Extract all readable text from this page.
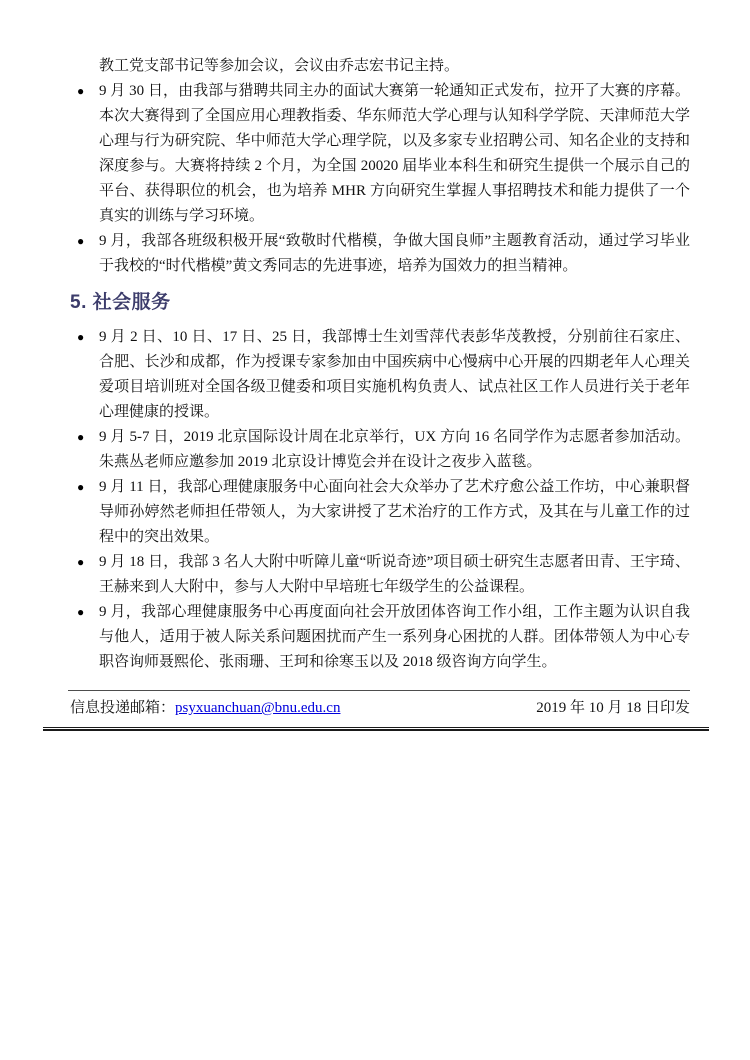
教工党支部书记等参加会议，会议由乔志宏书记主持。

● 9 月 30 日，由我部与猎聘共同主办的面试大赛第一轮通知正式发布，拉开了大赛的序幕。本次大赛得到了全国应用心理教指委、华东师范大学心理与认知科学学院、天津师范大学心理与行为研究院、华中师范大学心理学院，以及多家专业招聘公司、知名企业的支持和深度参与。大赛将持续 2 个月，为全国 20020 届毕业本科生和研究生提供一个展示自己的平台、获得职位的机会，也为培养 MHR 方向研究生掌握人事招聘技术和能力提供了一个真实的训练与学习环境。

● 9 月，我部各班级积极开展“致敬时代楷模，争做大国良师”主题教育活动，通过学习毕业于我校的“时代楷模”黄文秀同志的先进事迹，培养为国效力的担当精神。

5. 社会服务
● 9 月 2 日、10 日、17 日、25 日，我部博士生刘雪萍代表彭华茂教授，分别前往石家庄、合肥、长沙和成都，作为授课专家参加由中国疾病中心慢病中心开展的四期老年人心理关爱项目培训班对全国各级卫健委和项目实施机构负责人、试点社区工作人员进行关于老年心理健康的授课。

● 9 月 5-7 日，2019 北京国际设计周在北京举行，UX 方向 16 名同学作为志愿者参加活动。朱燕丛老师应邀参加 2019 北京设计博览会并在设计之夜步入蓝毯。

● 9 月 11 日，我部心理健康服务中心面向社会大众举办了艺术疗愈公益工作坊，中心兼职督导师孙婷然老师担任带领人，为大家讲授了艺术治疗的工作方式，及其在与儿童工作的过程中的突出效果。

● 9 月 18 日，我部 3 名人大附中听障儿童“听说奇迹”项目硕士研究生志愿者田青、王宇琦、王赫来到人大附中，参与人大附中早培班七年级学生的公益课程。

● 9 月，我部心理健康服务中心再度面向社会开放团体咨询工作小组，工作主题为认识自我与他人，适用于被人际关系问题困扰而产生一系列身心困扰的人群。团体带领人为中心专职咨询师聂熙伦、张雨珊、王珂和徐寒玉以及 2018 级咨询方向学生。

信息投递邮箱：psyxuanchuan@bnu.edu.cn	2019 年 10 月 18 日印发
